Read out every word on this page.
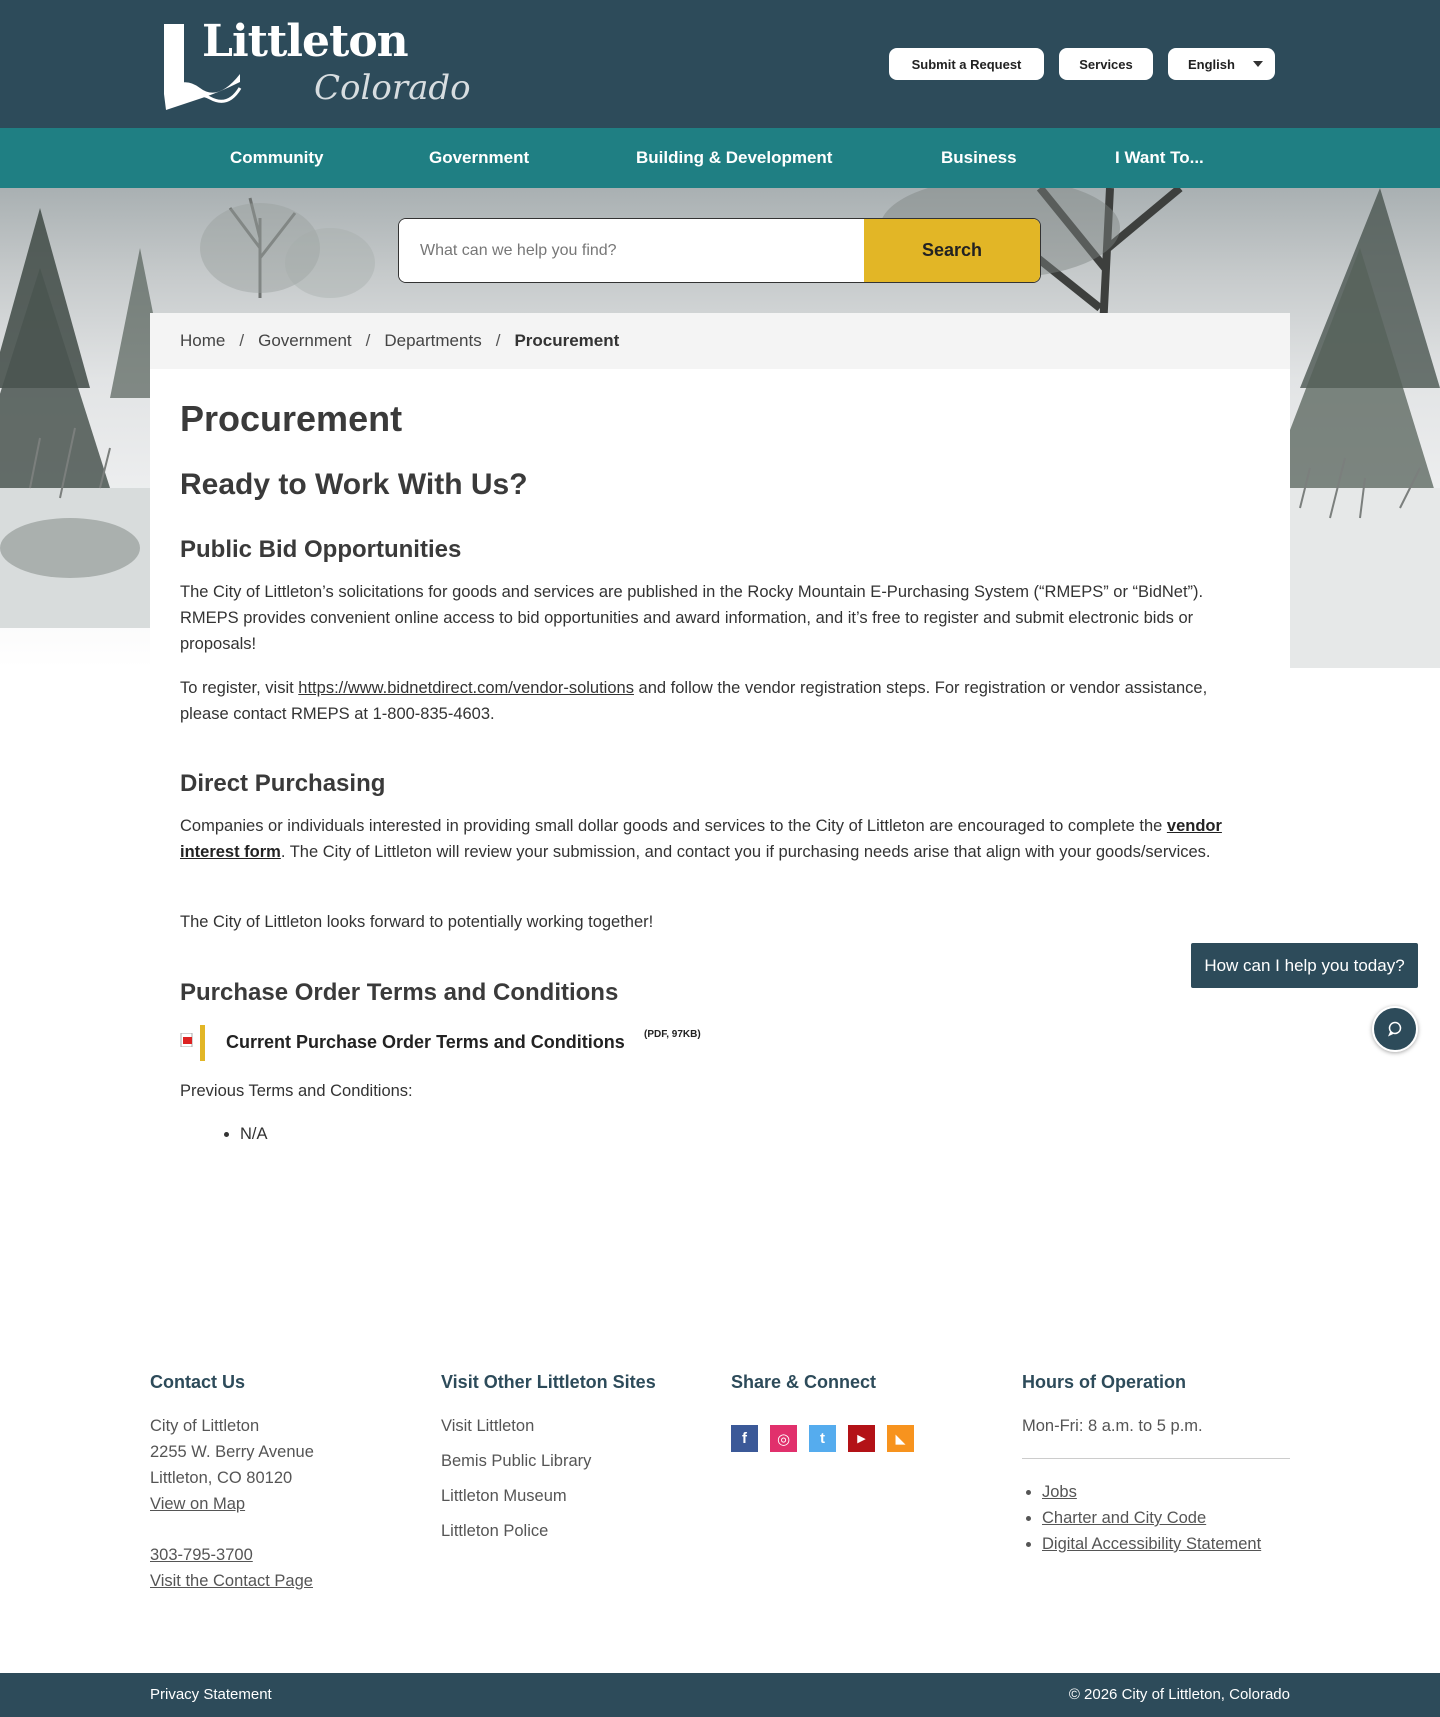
Littleton
Colorado
Submit a Request	Services	English
Community	Government	Building & Development	Business	I Want To...
What can we help you find?
Search
Home / Government / Departments / Procurement
Procurement
Ready to Work With Us?
Public Bid Opportunities

The City of Littleton’s solicitations for goods and services are published in the Rocky Mountain E-Purchasing System (“RMEPS” or “BidNet”). RMEPS provides convenient online access to bid opportunities and award information, and it’s free to register and submit electronic bids or proposals!

To register, visit https://www.bidnetdirect.com/vendor-solutions and follow the vendor registration steps. For registration or vendor assistance, please contact RMEPS at 1-800-835-4603.

Direct Purchasing

Companies or individuals interested in providing small dollar goods and services to the City of Littleton are encouraged to complete the vendor interest form. The City of Littleton will review your submission, and contact you if purchasing needs arise that align with your goods/services.

The City of Littleton looks forward to potentially working together!

Purchase Order Terms and Conditions
Current Purchase Order Terms and Conditions (PDF, 97KB)

Previous Terms and Conditions:

• N/A
How can I help you today?
Contact Us
City of Littleton
2255 W. Berry Avenue
Littleton, CO 80120
View on Map
303-795-3700
Visit the Contact Page
Visit Other Littleton Sites
Visit Littleton
Bemis Public Library
Littleton Museum
Littleton Police
Share & Connect
f	◎	t	▶	◣
Hours of Operation
Mon-Fri: 8 a.m. to 5 p.m.
• Jobs
• Charter and City Code
• Digital Accessibility Statement
Privacy Statement	© 2026 City of Littleton, Colorado
